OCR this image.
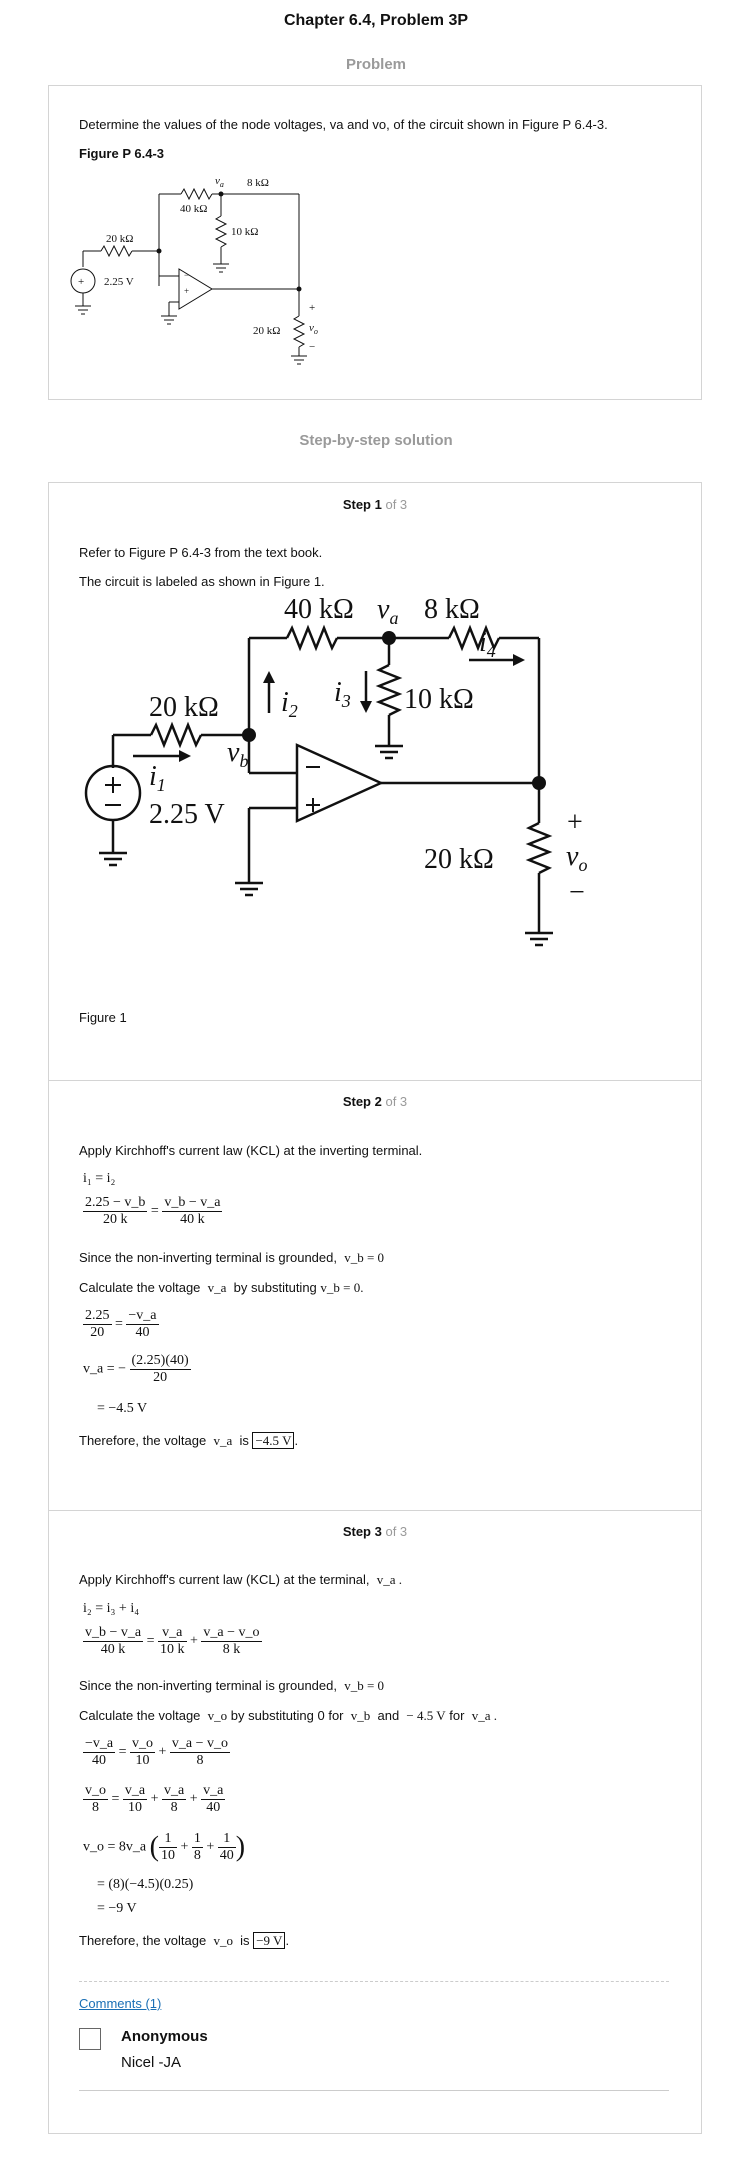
Chapter 6.4, Problem 3P
Problem
Determine the values of the node voltages, va and vo, of the circuit shown in Figure P 6.4-3.
Figure P 6.4-3
+
+
−
40 kΩ
8 kΩ
$v_a$
20 kΩ
10 kΩ
2.25 V
20 kΩ
+
$v_o$
−
Step-by-step solution
Step 1 of 3
Refer to Figure P 6.4-3 from the text book.
The circuit is labeled as shown in Figure 1.
40 kΩ $v_a$ 8 kΩ
20 kΩ $i_2$
$i_3$
$i_4$
10 kΩ
$v_b$
$i_1$
2.25 V
20 kΩ
+
$v_o$
−
Figure 1
Step 2 of 3
Apply Kirchhoff's current law (KCL) at the inverting terminal.
i₁ = i₂
$\frac{2.25 - v\_b}{20 k} = \frac{v\_b - v\_a}{40 k}$
Since the non-inverting terminal is grounded, v_b = 0
Calculate the voltage v_a by substituting v_b = 0.
$\frac{2.25}{20} = \frac{-v\_a}{40}$
v_a = − $\frac{(2.25)(40)}{20}$
= −4.5 V
Therefore, the voltage v_a is −4.5 V .
Step 3 of 3
Apply Kirchhoff's current law (KCL) at the terminal, v_a .
i₂ = i₃ + i₄
$\frac{v\_b - v\_a}{40 k} = \frac{v\_a}{10 k} + \frac{v\_a - v\_o}{8 k}$
Since the non-inverting terminal is grounded, v_b = 0
Calculate the voltage v_o by substituting 0 for v_b and − 4.5 V for v_a .
$\frac{-v\_a}{40} = \frac{v\_o}{10} + \frac{v\_a - v\_o}{8}$
$\frac{v\_o}{8} = \frac{v\_a}{10} + \frac{v\_a}{8} + \frac{v\_a}{40}$
v_o = 8v_a ( $\frac{1}{10} + \frac{1}{8} + \frac{1}{40}$ )
= (8)(−4.5)(0.25)
= −9 V
Therefore, the voltage v_o is −9 V .
Comments (1)
Anonymous
Nicel -JA
